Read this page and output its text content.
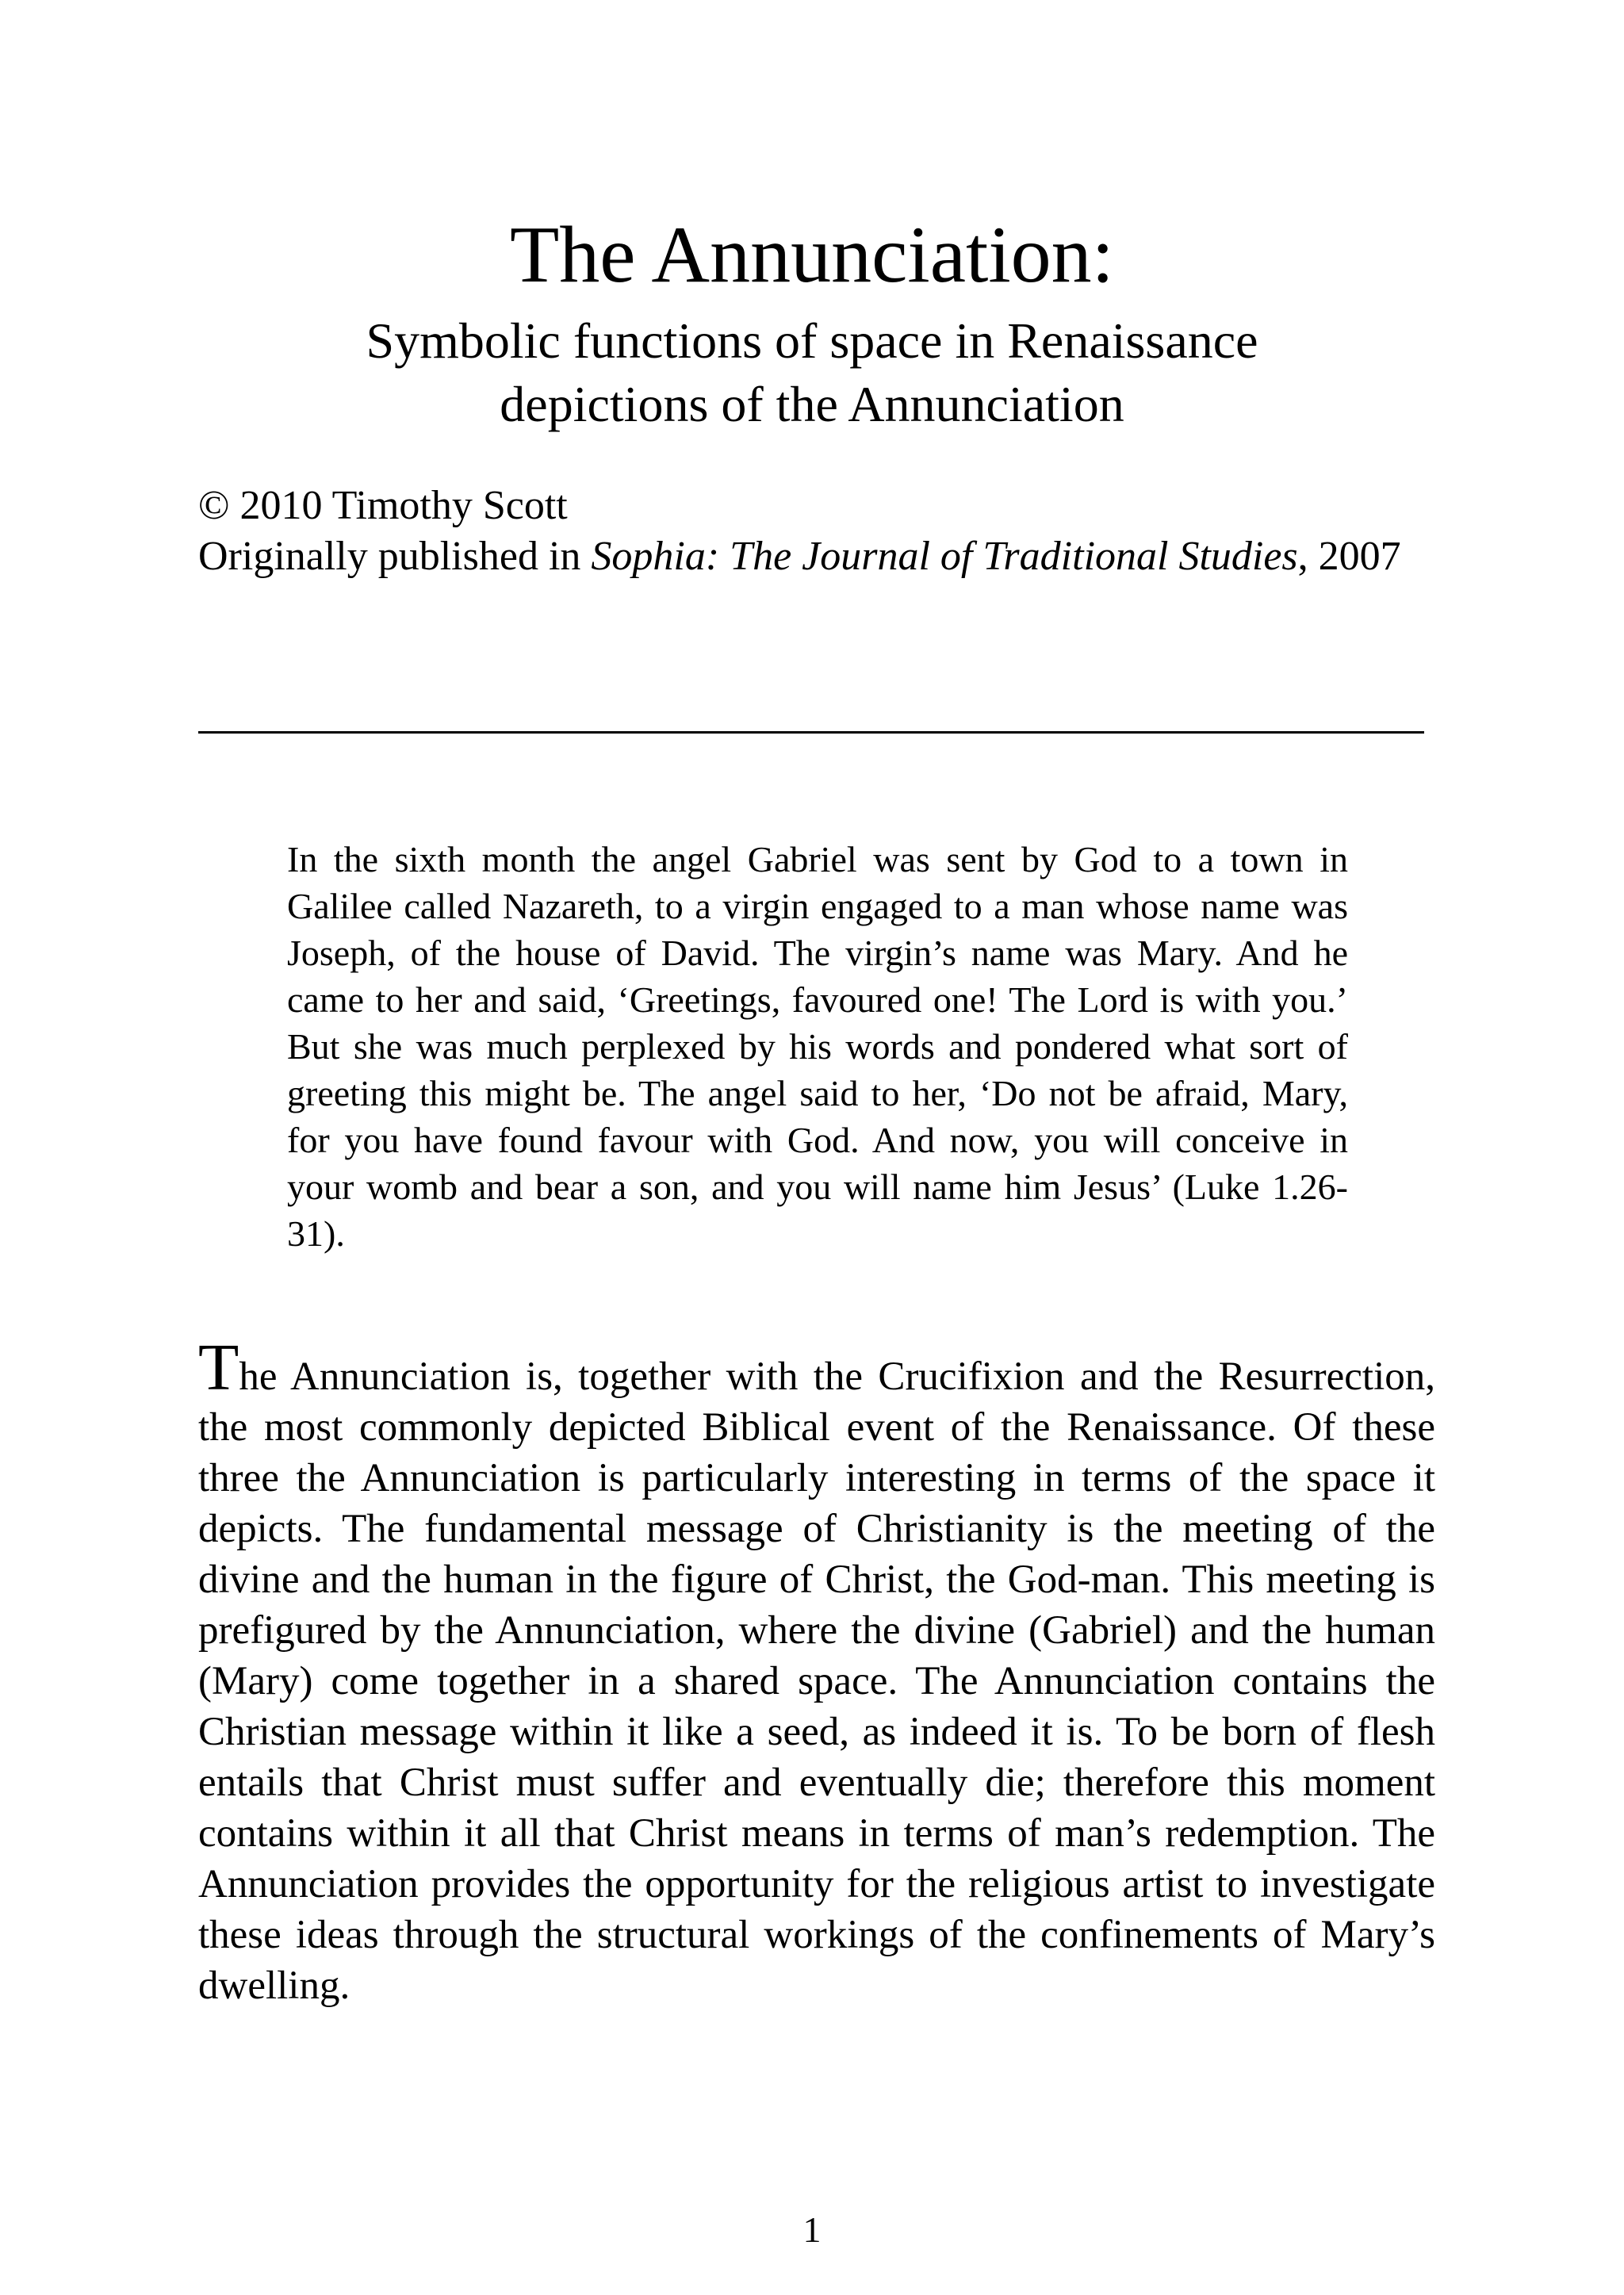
The Annunciation:
Symbolic functions of space in Renaissance
depictions of the Annunciation

© 2010 Timothy Scott

Originally published in Sophia: The Journal of Traditional Studies, 2007

In the sixth month the angel Gabriel was sent by God to a town in Galilee called Nazareth, to a virgin engaged to a man whose name was Joseph, of the house of David. The virgin’s name was Mary. And he came to her and said, ‘Greetings, favoured one! The Lord is with you.’ But she was much perplexed by his words and pondered what sort of greeting this might be. The angel said to her, ‘Do not be afraid, Mary, for you have found favour with God. And now, you will conceive in your womb and bear a son, and you will name him Jesus’ (Luke 1.26-31).

The Annunciation is, together with the Crucifixion and the Resurrection, the most commonly depicted Biblical event of the Renaissance. Of these three the Annunciation is particularly interesting in terms of the space it depicts. The fundamental message of Christianity is the meeting of the divine and the human in the figure of Christ, the God-man. This meeting is prefigured by the Annunciation, where the divine (Gabriel) and the human (Mary) come together in a shared space. The Annunciation contains the Christian message within it like a seed, as indeed it is. To be born of flesh entails that Christ must suffer and eventually die; therefore this moment contains within it all that Christ means in terms of man’s redemption. The Annunciation provides the opportunity for the religious artist to investigate these ideas through the structural workings of the confinements of Mary’s dwelling.

1
